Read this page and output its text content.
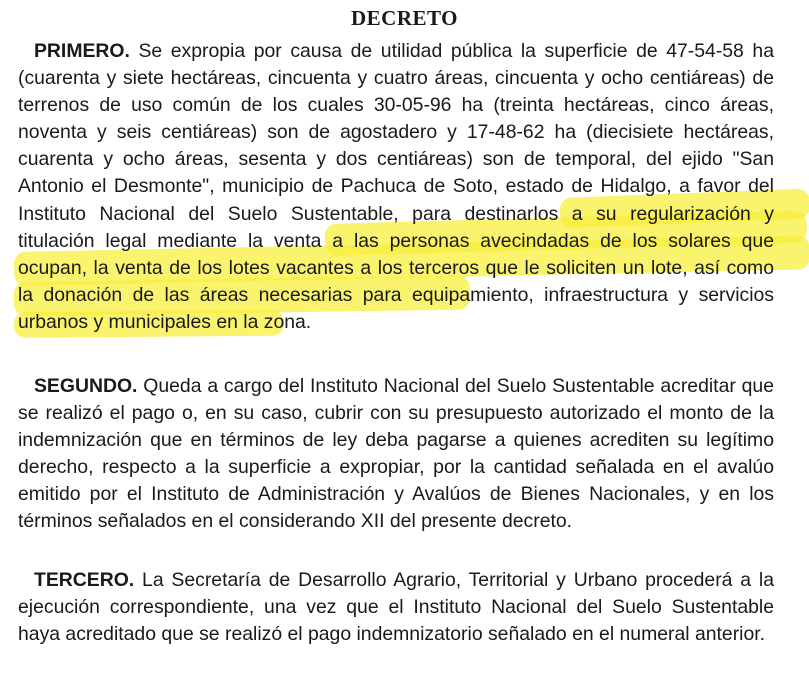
DECRETO
PRIMERO. Se expropia por causa de utilidad pública la superficie de 47-54-58 ha (cuarenta y siete hectáreas, cincuenta y cuatro áreas, cincuenta y ocho centiáreas) de terrenos de uso común de los cuales 30-05-96 ha (treinta hectáreas, cinco áreas, noventa y seis centiáreas) son de agostadero y 17-48-62 ha (diecisiete hectáreas, cuarenta y ocho áreas, sesenta y dos centiáreas) son de temporal, del ejido "San Antonio el Desmonte", municipio de Pachuca de Soto, estado de Hidalgo, a favor del Instituto Nacional del Suelo Sustentable, para destinarlos a su regularización y titulación legal mediante la venta a las personas avecindadas de los solares que ocupan, la venta de los lotes vacantes a los terceros que le soliciten un lote, así como la donación de las áreas necesarias para equipamiento, infraestructura y servicios urbanos y municipales en la zona.
SEGUNDO. Queda a cargo del Instituto Nacional del Suelo Sustentable acreditar que se realizó el pago o, en su caso, cubrir con su presupuesto autorizado el monto de la indemnización que en términos de ley deba pagarse a quienes acrediten su legítimo derecho, respecto a la superficie a expropiar, por la cantidad señalada en el avalúo emitido por el Instituto de Administración y Avalúos de Bienes Nacionales, y en los términos señalados en el considerando XII del presente decreto.
TERCERO. La Secretaría de Desarrollo Agrario, Territorial y Urbano procederá a la ejecución correspondiente, una vez que el Instituto Nacional del Suelo Sustentable haya acreditado que se realizó el pago indemnizatorio señalado en el numeral anterior.
